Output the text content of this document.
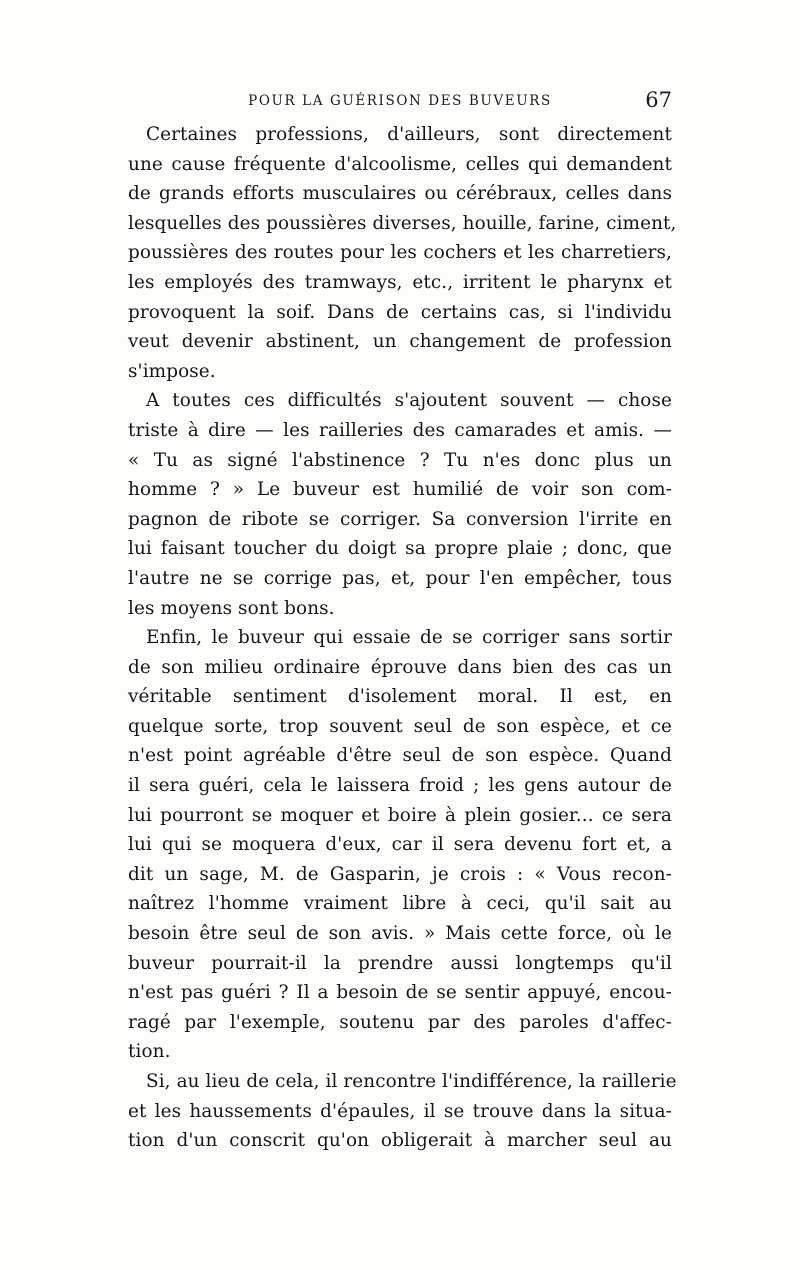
POUR LA GUÉRISON DES BUVEURS	67
Certaines professions, d'ailleurs, sont directement
une cause fréquente d'alcoolisme, celles qui demandent
de grands efforts musculaires ou cérébraux, celles dans
lesquelles des poussières diverses, houille, farine, ciment,
poussières des routes pour les cochers et les charretiers,
les employés des tramways, etc., irritent le pharynx et
provoquent la soif. Dans de certains cas, si l'individu
veut devenir abstinent, un changement de profession
s'impose.
A toutes ces difficultés s'ajoutent souvent — chose
triste à dire — les railleries des camarades et amis. —
« Tu as signé l'abstinence ? Tu n'es donc plus un
homme ? » Le buveur est humilié de voir son com-
pagnon de ribote se corriger. Sa conversion l'irrite en
lui faisant toucher du doigt sa propre plaie ; donc, que
l'autre ne se corrige pas, et, pour l'en empêcher, tous
les moyens sont bons.
Enfin, le buveur qui essaie de se corriger sans sortir
de son milieu ordinaire éprouve dans bien des cas un
véritable sentiment d'isolement moral. Il est, en
quelque sorte, trop souvent seul de son espèce, et ce
n'est point agréable d'être seul de son espèce. Quand
il sera guéri, cela le laissera froid ; les gens autour de
lui pourront se moquer et boire à plein gosier... ce sera
lui qui se moquera d'eux, car il sera devenu fort et, a
dit un sage, M. de Gasparin, je crois : « Vous recon-
naîtrez l'homme vraiment libre à ceci, qu'il sait au
besoin être seul de son avis. » Mais cette force, où le
buveur pourrait-il la prendre aussi longtemps qu'il
n'est pas guéri ? Il a besoin de se sentir appuyé, encou-
ragé par l'exemple, soutenu par des paroles d'affec-
tion.
Si, au lieu de cela, il rencontre l'indifférence, la raillerie
et les haussements d'épaules, il se trouve dans la situa-
tion d'un conscrit qu'on obligerait à marcher seul au
